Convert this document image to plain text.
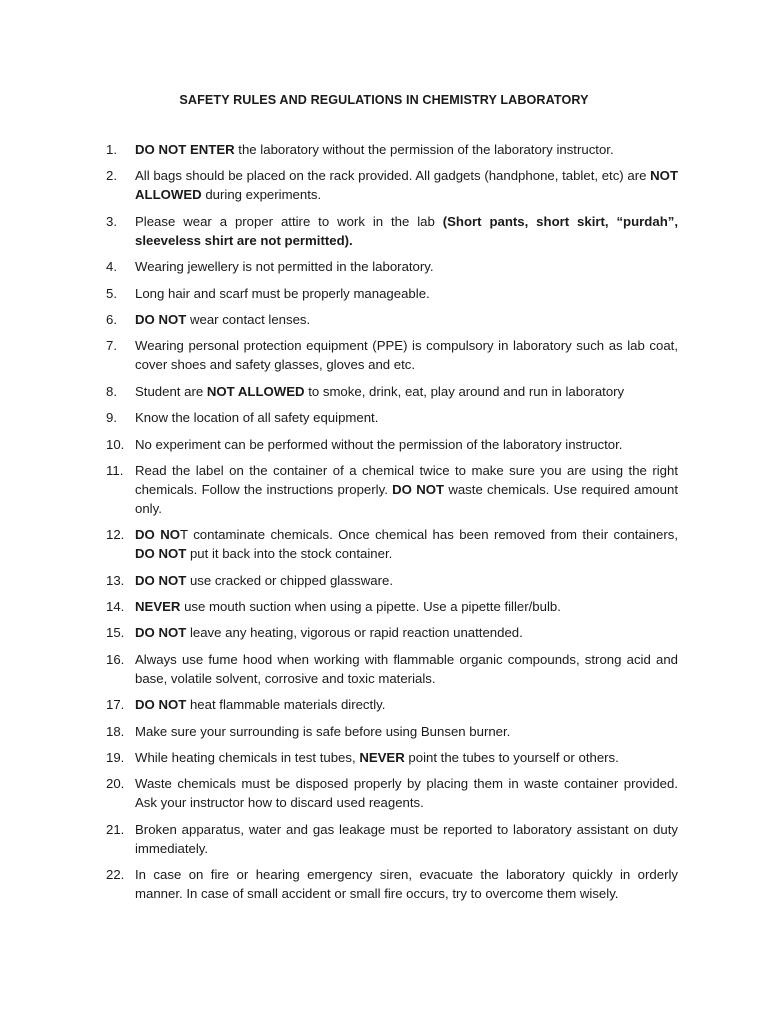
SAFETY RULES AND REGULATIONS IN CHEMISTRY LABORATORY
1.	DO NOT ENTER the laboratory without the permission of the laboratory instructor.
2.	All bags should be placed on the rack provided. All gadgets (handphone, tablet, etc) are NOT ALLOWED during experiments.
3.	Please wear a proper attire to work in the lab (Short pants, short skirt, “purdah”, sleeveless shirt are not permitted).
4.	Wearing jewellery is not permitted in the laboratory.
5.	Long hair and scarf must be properly manageable.
6.	DO NOT wear contact lenses.
7.	Wearing personal protection equipment (PPE) is compulsory in laboratory such as lab coat, cover shoes and safety glasses, gloves and etc.
8.	Student are NOT ALLOWED to smoke, drink, eat, play around and run in laboratory
9.	Know the location of all safety equipment.
10. No experiment can be performed without the permission of the laboratory instructor.
11. Read the label on the container of a chemical twice to make sure you are using the right chemicals. Follow the instructions properly. DO NOT waste chemicals. Use required amount only.
12. DO NOT contaminate chemicals. Once chemical has been removed from their containers, DO NOT put it back into the stock container.
13. DO NOT use cracked or chipped glassware.
14. NEVER use mouth suction when using a pipette. Use a pipette filler/bulb.
15. DO NOT leave any heating, vigorous or rapid reaction unattended.
16. Always use fume hood when working with flammable organic compounds, strong acid and base, volatile solvent, corrosive and toxic materials.
17. DO NOT heat flammable materials directly.
18. Make sure your surrounding is safe before using Bunsen burner.
19. While heating chemicals in test tubes, NEVER point the tubes to yourself or others.
20. Waste chemicals must be disposed properly by placing them in waste container provided. Ask your instructor how to discard used reagents.
21. Broken apparatus, water and gas leakage must be reported to laboratory assistant on duty immediately.
22. In case on fire or hearing emergency siren, evacuate the laboratory quickly in orderly manner. In case of small accident or small fire occurs, try to overcome them wisely.
